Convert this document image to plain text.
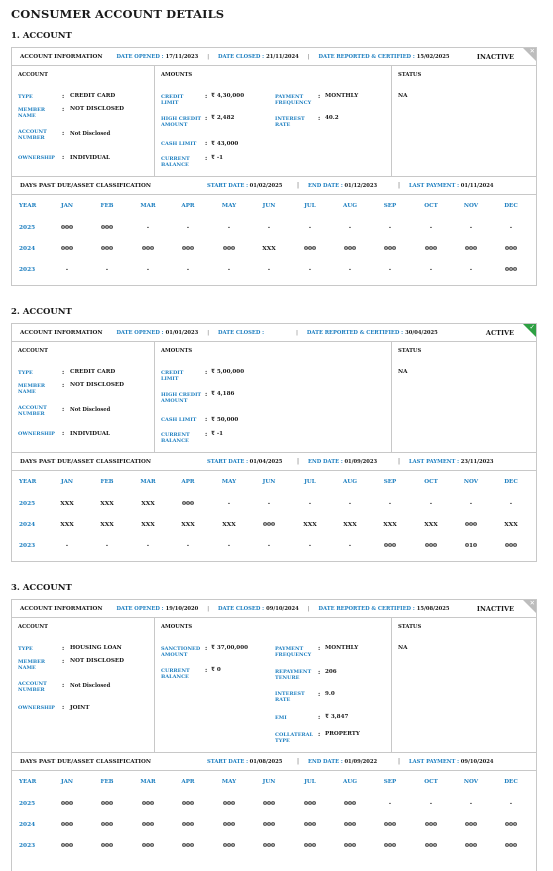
CONSUMER ACCOUNT DETAILS
1. ACCOUNT
ACCOUNT INFORMATION	DATE OPENED : 17/11/2023 | DATE CLOSED : 21/11/2024 | DATE REPORTED & CERTIFIED : 15/02/2025	INACTIVE
✕
ACCOUNT
TYPE	: CREDIT CARD
MEMBER NAME
: NOT DISCLOSED
ACCOUNT NUMBER
: Not Disclosed
OWNERSHIP : INDIVIDUAL
AMOUNTS
CREDIT LIMIT
: ₹ 4,30,000
HIGH CREDIT AMOUNT
: ₹ 2,482
CASH LIMIT : ₹ 43,000
CURRENT BALANCE
: ₹ -1
PAYMENT FREQUENCY
: MONTHLY
INTEREST RATE
: 40.2
STATUS
NA
DAYS PAST DUE/ASSET CLASSIFICATION	START DATE : 01/02/2025 | END DATE : 01/12/2023	| LAST PAYMENT : 01/11/2024
YEAR	JAN	FEB	MAR	APR	MAY	JUN	JUL	AUG	SEP	OCT	NOV	DEC
2025	000	000	-	-	-	-	-	-	-	-	-	-
2024	000	000	000	000	000	XXX	000	000	000	000	000	000
2023	-	-	-	-	-	-	-	-	-	-	-	000
2. ACCOUNT
ACCOUNT INFORMATION	DATE OPENED : 01/01/2023 | DATE CLOSED :	| DATE REPORTED & CERTIFIED : 30/04/2025	ACTIVE
✓
ACCOUNT
TYPE	: CREDIT CARD
MEMBER NAME
: NOT DISCLOSED
ACCOUNT NUMBER
: Not Disclosed
OWNERSHIP : INDIVIDUAL
AMOUNTS
CREDIT LIMIT
: ₹ 5,00,000
HIGH CREDIT AMOUNT
: ₹ 4,186
CASH LIMIT : ₹ 50,000
CURRENT BALANCE
: ₹ -1
STATUS
NA
DAYS PAST DUE/ASSET CLASSIFICATION	START DATE : 01/04/2025 | END DATE : 01/09/2023	| LAST PAYMENT : 23/11/2023
YEAR	JAN	FEB	MAR	APR	MAY	JUN	JUL	AUG	SEP	OCT	NOV	DEC
2025	XXX	XXX	XXX	000	-	-	-	-	-	-	-	-
2024	XXX	XXX	XXX	XXX	XXX	000	XXX	XXX	XXX	XXX	000	XXX
2023	-	-	-	-	-	-	-	-	000	000	010	000
3. ACCOUNT
ACCOUNT INFORMATION	DATE OPENED : 19/10/2020 | DATE CLOSED : 09/10/2024 | DATE REPORTED & CERTIFIED : 15/08/2025	INACTIVE
✕
ACCOUNT
TYPE	: HOUSING LOAN
MEMBER NAME
: NOT DISCLOSED
ACCOUNT NUMBER
: Not Disclosed
OWNERSHIP : JOINT
AMOUNTS
SANCTIONED AMOUNT
: ₹ 37,00,000
CURRENT BALANCE
: ₹ 0
PAYMENT FREQUENCY
: MONTHLY
REPAYMENT TENURE
: 206
INTEREST RATE
: 9.0
EMI	: ₹ 3,847
COLLATERAL TYPE
: PROPERTY
STATUS
NA
DAYS PAST DUE/ASSET CLASSIFICATION	START DATE : 01/08/2025 | END DATE : 01/09/2022	| LAST PAYMENT : 09/10/2024
YEAR	JAN	FEB	MAR	APR	MAY	JUN	JUL	AUG	SEP	OCT	NOV	DEC
2025	000	000	000	000	000	000	000	000	-	-	-	-
2024	000	000	000	000	000	000	000	000	000	000	000	000
2023	000	000	000	000	000	000	000	000	000	000	000	000
